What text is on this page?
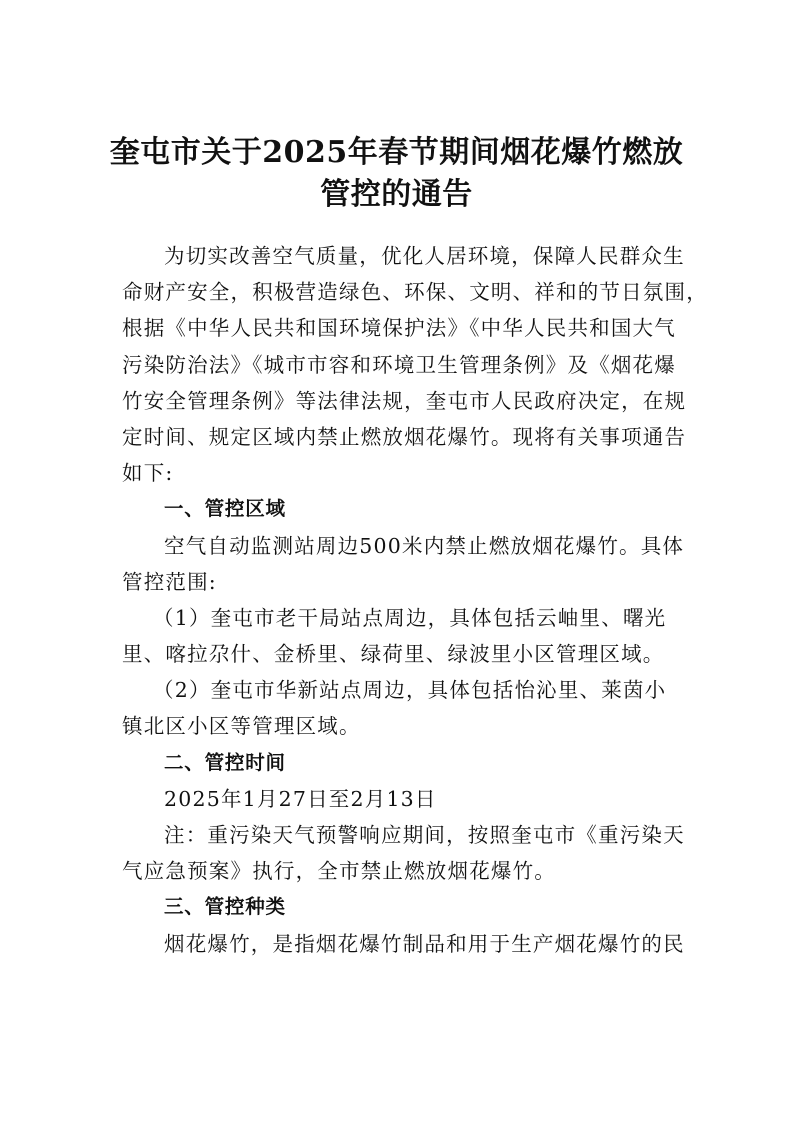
奎屯市关于2025年春节期间烟花爆竹燃放
管控的通告
为切实改善空气质量，优化人居环境，保障人民群众生
命财产安全，积极营造绿色、环保、文明、祥和的节日氛围，
根据《中华人民共和国环境保护法》《中华人民共和国大气
污染防治法》《城市市容和环境卫生管理条例》及《烟花爆
竹安全管理条例》等法律法规，奎屯市人民政府决定，在规
定时间、规定区域内禁止燃放烟花爆竹。现将有关事项通告
如下:
一、管控区域
空气自动监测站周边500米内禁止燃放烟花爆竹。具体
管控范围:
（1）奎屯市老干局站点周边，具体包括云岫里、曙光
里、喀拉尕什、金桥里、绿荷里、绿波里小区管理区域。
（2）奎屯市华新站点周边，具体包括怡沁里、莱茵小
镇北区小区等管理区域。
二、管控时间
2025年1月27日至2月13日
注：重污染天气预警响应期间，按照奎屯市《重污染天
气应急预案》执行，全市禁止燃放烟花爆竹。
三、管控种类
烟花爆竹，是指烟花爆竹制品和用于生产烟花爆竹的民
